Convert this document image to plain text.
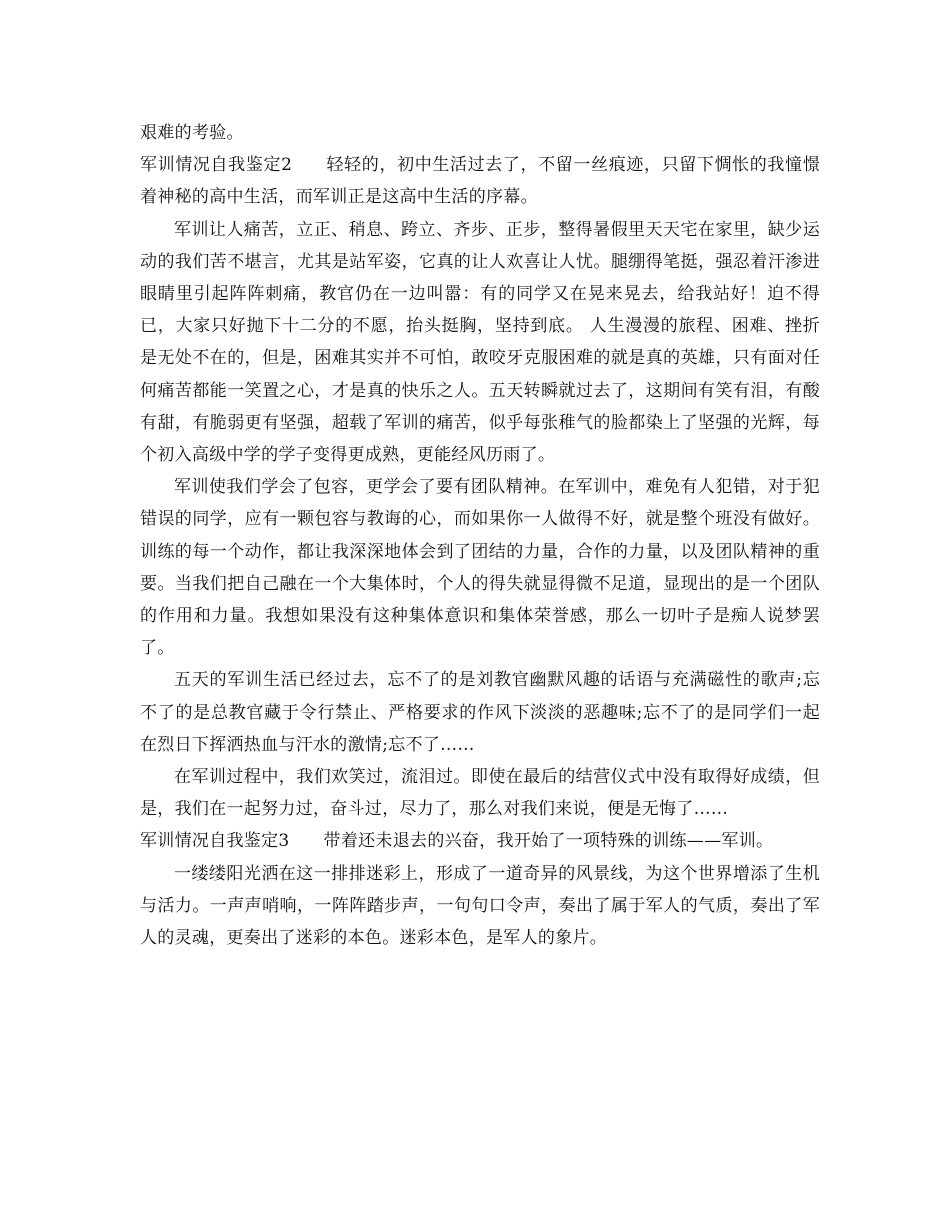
艰难的考验。

军训情况自我鉴定2 轻轻的，初中生活过去了，不留一丝痕迹，只留下惆怅的我憧憬着神秘的高中生活，而军训正是这高中生活的序幕。

军训让人痛苦，立正、稍息、跨立、齐步、正步，整得暑假里天天宅在家里，缺少运动的我们苦不堪言，尤其是站军姿，它真的让人欢喜让人忧。腿绷得笔挺，强忍着汗渗进眼睛里引起阵阵刺痛，教官仍在一边叫嚣：有的同学又在晃来晃去，给我站好！迫不得已，大家只好抛下十二分的不愿，抬头挺胸，坚持到底。 人生漫漫的旅程、困难、挫折是无处不在的，但是，困难其实并不可怕，敢咬牙克服困难的就是真的英雄，只有面对任何痛苦都能一笑置之心，才是真的快乐之人。五天转瞬就过去了，这期间有笑有泪，有酸有甜，有脆弱更有坚强，超载了军训的痛苦，似乎每张稚气的脸都染上了坚强的光辉，每个初入高级中学的学子变得更成熟，更能经风历雨了。

军训使我们学会了包容，更学会了要有团队精神。在军训中，难免有人犯错，对于犯错误的同学，应有一颗包容与教诲的心，而如果你一人做得不好，就是整个班没有做好。训练的每一个动作，都让我深深地体会到了团结的力量，合作的力量，以及团队精神的重要。当我们把自己融在一个大集体时，个人的得失就显得微不足道，显现出的是一个团队的作用和力量。我想如果没有这种集体意识和集体荣誉感，那么一切叶子是痴人说梦罢了。

五天的军训生活已经过去，忘不了的是刘教官幽默风趣的话语与充满磁性的歌声;忘不了的是总教官藏于令行禁止、严格要求的作风下淡淡的恶趣味;忘不了的是同学们一起在烈日下挥洒热血与汗水的激情;忘不了……

在军训过程中，我们欢笑过，流泪过。即使在最后的结营仪式中没有取得好成绩，但是，我们在一起努力过，奋斗过，尽力了，那么对我们来说，便是无悔了……

军训情况自我鉴定3 带着还未退去的兴奋，我开始了一项特殊的训练——军训。

一缕缕阳光洒在这一排排迷彩上，形成了一道奇异的风景线，为这个世界增添了生机与活力。一声声哨响，一阵阵踏步声，一句句口令声，奏出了属于军人的气质，奏出了军人的灵魂，更奏出了迷彩的本色。迷彩本色，是军人的象片。
